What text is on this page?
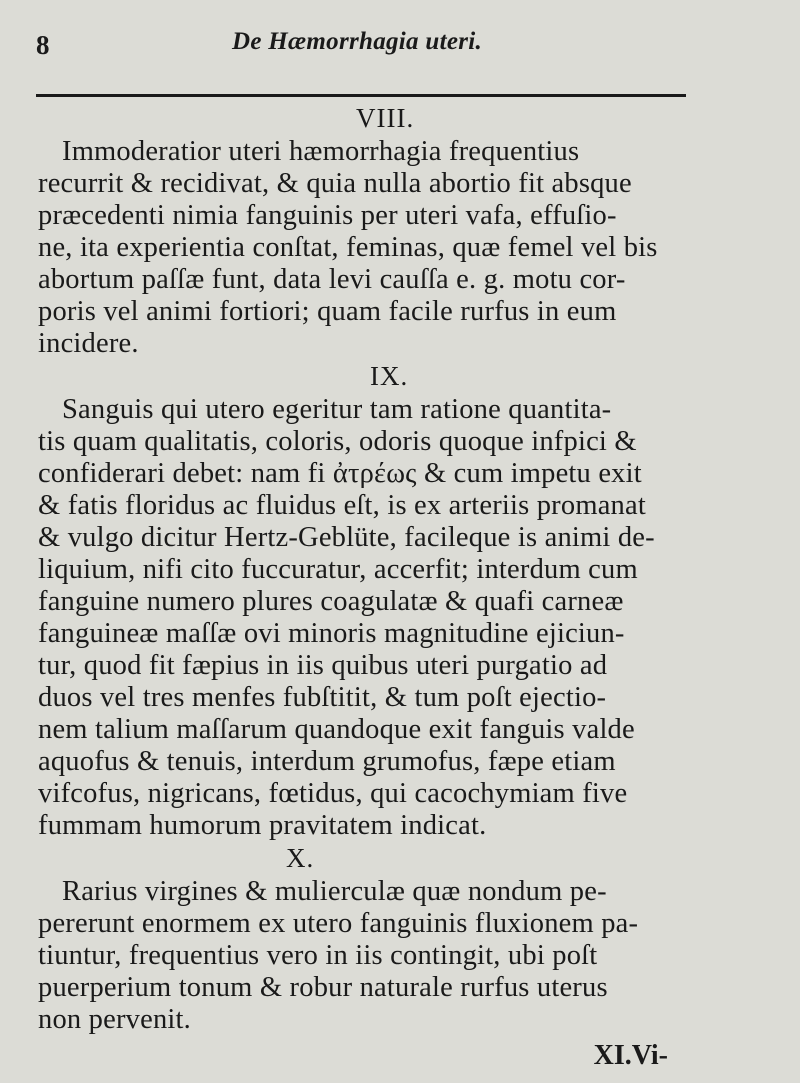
8	De Hæmorrhagia uteri.
VIII.
Immoderatior uteri hæmorrhagia frequentius
recurrit & recidivat, & quia nulla abortio fit absque
præcedenti nimia fanguinis per uteri vafa, effuſio-
ne, ita experientia conſtat, feminas, quæ femel vel bis
abortum paſſæ funt, data levi cauſſa e. g. motu cor-
poris vel animi fortiori; quam facile rurfus in eum
incidere.
IX.
Sanguis qui utero egeritur tam ratione quantita-
tis quam qualitatis, coloris, odoris quoque infpici &
confiderari debet: nam fi ἀτρέως & cum impetu exit
& fatis floridus ac fluidus eſt, is ex arteriis promanat
& vulgo dicitur Hertz-Geblüte, facileque is animi de-
liquium, nifi cito fuccuratur, accerfit; interdum cum
fanguine numero plures coagulatæ & quafi carneæ
fanguineæ maſſæ ovi minoris magnitudine ejiciun-
tur, quod fit fæpius in iis quibus uteri purgatio ad
duos vel tres menfes fubſtitit, & tum poſt ejectio-
nem talium maſſarum quandoque exit fanguis valde
aquofus & tenuis, interdum grumofus, fæpe etiam
vifcofus, nigricans, fœtidus, qui cacochymiam five
fummam humorum pravitatem indicat.
X.
Rarius virgines & mulierculæ quæ nondum pe-
pererunt enormem ex utero fanguinis fluxionem pa-
tiuntur, frequentius vero in iis contingit, ubi poſt
puerperium tonum & robur naturale rurfus uterus
non pervenit.
XI.Vi-
